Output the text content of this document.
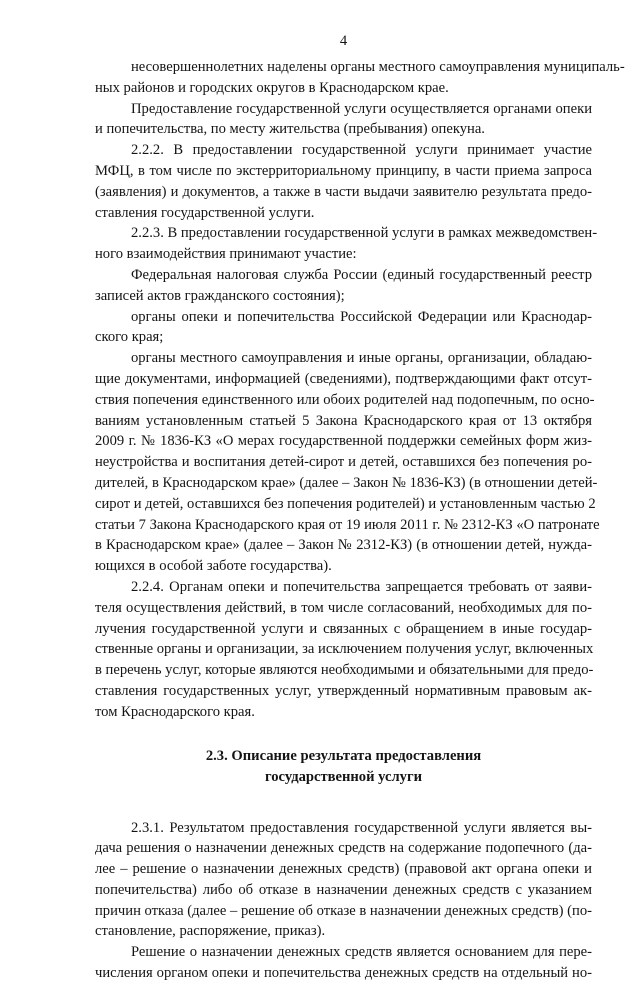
4
несовершеннолетних наделены органы местного самоуправления муниципаль-
ных районов и городских округов в Краснодарском крае.
Предоставление государственной услуги осуществляется органами опеки
и попечительства, по месту жительства (пребывания) опекуна.
2.2.2. В предоставлении государственной услуги принимает участие
МФЦ, в том числе по экстерриториальному принципу, в части приема запроса
(заявления) и документов, а также в части выдачи заявителю результата предо-
ставления государственной услуги.
2.2.3. В предоставлении государственной услуги в рамках межведомствен-
ного взаимодействия принимают участие:
Федеральная налоговая служба России (единый государственный реестр
записей актов гражданского состояния);
органы опеки и попечительства Российской Федерации или Краснодар-
ского края;
органы местного самоуправления и иные органы, организации, обладаю-
щие документами, информацией (сведениями), подтверждающими факт отсут-
ствия попечения единственного или обоих родителей над подопечным, по осно-
ваниям установленным статьей 5 Закона Краснодарского края от 13 октября
2009 г. № 1836-КЗ «О мерах государственной поддержки семейных форм жиз-
неустройства и воспитания детей-сирот и детей, оставшихся без попечения ро-
дителей, в Краснодарском крае» (далее – Закон № 1836-КЗ) (в отношении детей-
сирот и детей, оставшихся без попечения родителей) и установленным частью 2
статьи 7 Закона Краснодарского края от 19 июля 2011 г. № 2312-КЗ «О патронате
в Краснодарском крае» (далее – Закон № 2312-КЗ) (в отношении детей, нужда-
ющихся в особой заботе государства).
2.2.4. Органам опеки и попечительства запрещается требовать от заяви-
теля осуществления действий, в том числе согласований, необходимых для по-
лучения государственной услуги и связанных с обращением в иные государ-
ственные органы и организации, за исключением получения услуг, включенных
в перечень услуг, которые являются необходимыми и обязательными для предо-
ставления государственных услуг, утвержденный нормативным правовым ак-
том Краснодарского края.
2.3. Описание результата предоставления
государственной услуги
2.3.1. Результатом предоставления государственной услуги является вы-
дача решения о назначении денежных средств на содержание подопечного (да-
лее – решение о назначении денежных средств) (правовой акт органа опеки и
попечительства) либо об отказе в назначении денежных средств с указанием
причин отказа (далее – решение об отказе в назначении денежных средств) (по-
становление, распоряжение, приказ).
Решение о назначении денежных средств является основанием для пере-
числения органом опеки и попечительства денежных средств на отдельный но-
